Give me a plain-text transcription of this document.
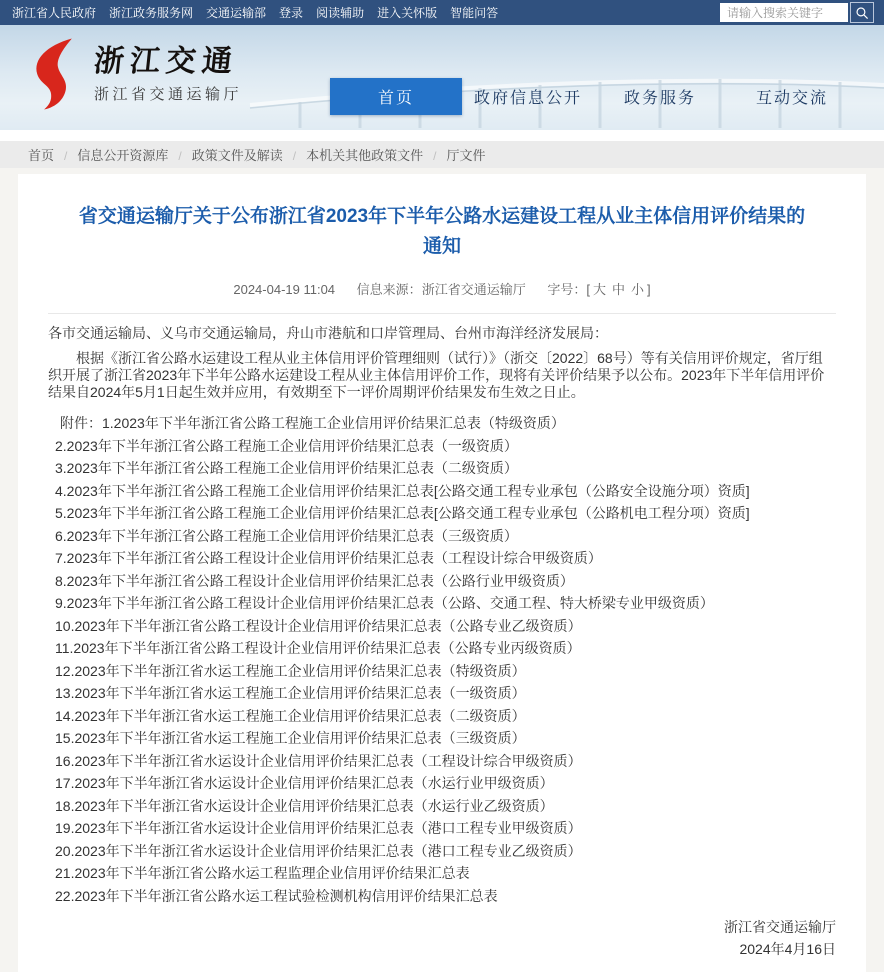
浙江省人民政府 浙江政务服务网 交通运输部 登录 阅读辅助 进入关怀版 智能问答
请输入搜索关键字
浙江交通
浙江省交通运输厅	首页	政府信息公开	政务服务	互动交流
首页	/ 信息公开资源库	/ 政策文件及解读	/ 本机关其他政策文件	/ 厅文件
省交通运输厅关于公布浙江省2023年下半年公路水运建设工程从业主体信用评价结果的通知
2024-04-19 11:04 信息来源：浙江省交通运输厅 字号：[ 大 中 小 ]

各市交通运输局、义乌市交通运输局，舟山市港航和口岸管理局、台州市海洋经济发展局：

根据《浙江省公路水运建设工程从业主体信用评价管理细则（试行）》（浙交〔2022〕68号）等有关信用评价规定，省厅组织开展了浙江省2023年下半年公路水运建设工程从业主体信用评价工作，现将有关评价结果予以公布。2023年下半年信用评价结果自2024年5月1日起生效并应用，有效期至下一评价周期评价结果发布生效之日止。

附件：1.2023年下半年浙江省公路工程施工企业信用评价结果汇总表（特级资质）

2.2023年下半年浙江省公路工程施工企业信用评价结果汇总表（一级资质）

3.2023年下半年浙江省公路工程施工企业信用评价结果汇总表（二级资质）

4.2023年下半年浙江省公路工程施工企业信用评价结果汇总表[公路交通工程专业承包（公路安全设施分项）资质]

5.2023年下半年浙江省公路工程施工企业信用评价结果汇总表[公路交通工程专业承包（公路机电工程分项）资质]

6.2023年下半年浙江省公路工程施工企业信用评价结果汇总表（三级资质）

7.2023年下半年浙江省公路工程设计企业信用评价结果汇总表（工程设计综合甲级资质）

8.2023年下半年浙江省公路工程设计企业信用评价结果汇总表（公路行业甲级资质）

9.2023年下半年浙江省公路工程设计企业信用评价结果汇总表（公路、交通工程、特大桥梁专业甲级资质）

10.2023年下半年浙江省公路工程设计企业信用评价结果汇总表（公路专业乙级资质）

11.2023年下半年浙江省公路工程设计企业信用评价结果汇总表（公路专业丙级资质）

12.2023年下半年浙江省水运工程施工企业信用评价结果汇总表（特级资质）

13.2023年下半年浙江省水运工程施工企业信用评价结果汇总表（一级资质）

14.2023年下半年浙江省水运工程施工企业信用评价结果汇总表（二级资质）

15.2023年下半年浙江省水运工程施工企业信用评价结果汇总表（三级资质）

16.2023年下半年浙江省水运设计企业信用评价结果汇总表（工程设计综合甲级资质）

17.2023年下半年浙江省水运设计企业信用评价结果汇总表（水运行业甲级资质）

18.2023年下半年浙江省水运设计企业信用评价结果汇总表（水运行业乙级资质）

19.2023年下半年浙江省水运设计企业信用评价结果汇总表（港口工程专业甲级资质）

20.2023年下半年浙江省水运设计企业信用评价结果汇总表（港口工程专业乙级资质）

21.2023年下半年浙江省公路水运工程监理企业信用评价结果汇总表

22.2023年下半年浙江省公路水运工程试验检测机构信用评价结果汇总表

浙江省交通运输厅
2024年4月16日
